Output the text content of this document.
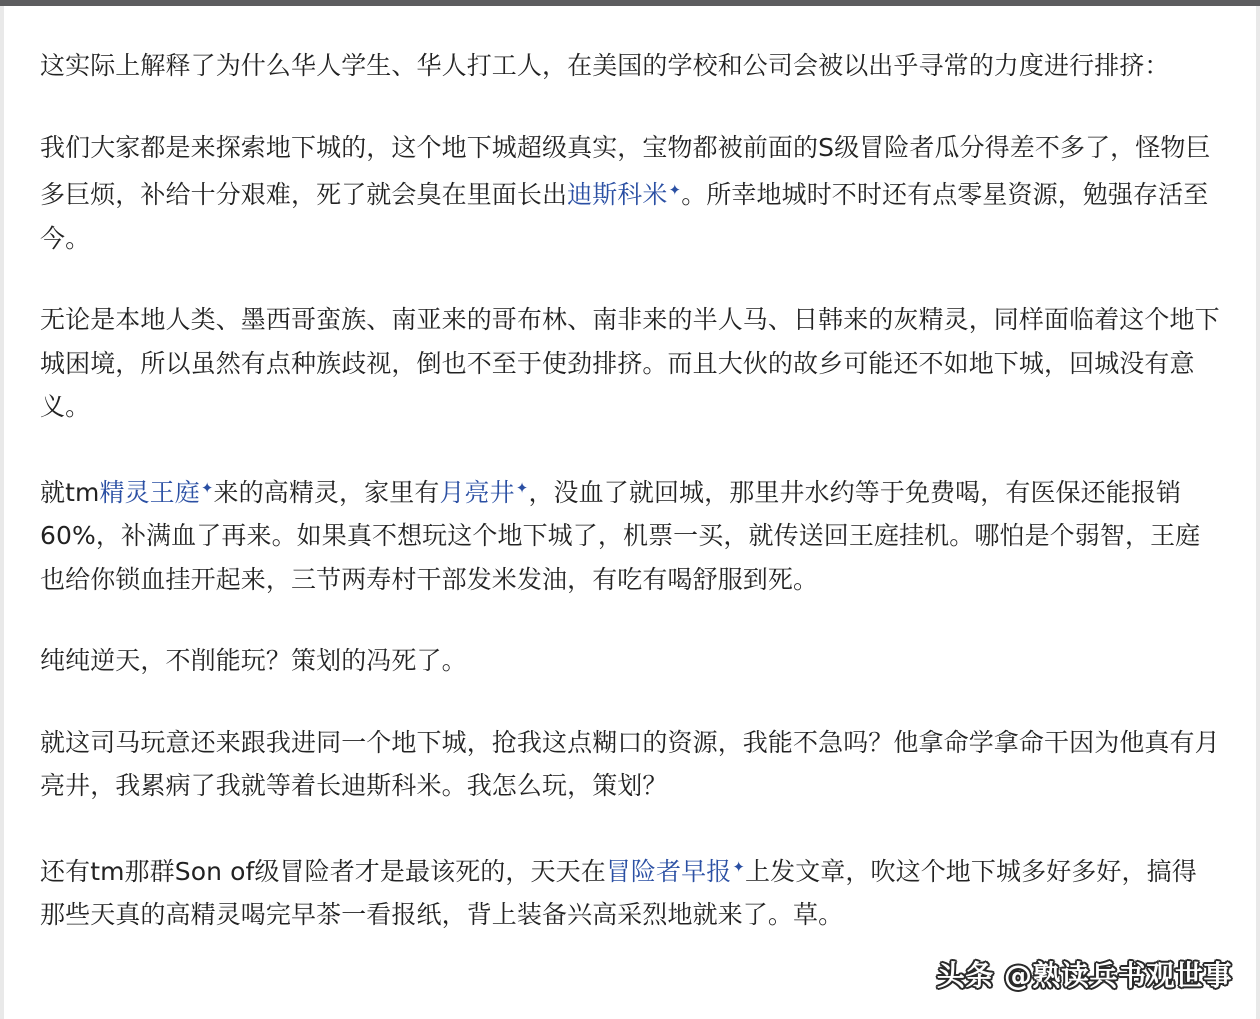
这实际上解释了为什么华人学生、华人打工人，在美国的学校和公司会被以出乎寻常的力度进行排挤：

我们大家都是来探索地下城的，这个地下城超级真实，宝物都被前面的S级冒险者瓜分得差不多了，怪物巨多巨烦，补给十分艰难，死了就会臭在里面长出迪斯科米✦。所幸地城时不时还有点零星资源，勉强存活至今。

无论是本地人类、墨西哥蛮族、南亚来的哥布林、南非来的半人马、日韩来的灰精灵，同样面临着这个地下城困境，所以虽然有点种族歧视，倒也不至于使劲排挤。而且大伙的故乡可能还不如地下城，回城没有意义。

就tm精灵王庭✦来的高精灵，家里有月亮井✦，没血了就回城，那里井水约等于免费喝，有医保还能报销60%，补满血了再来。如果真不想玩这个地下城了，机票一买，就传送回王庭挂机。哪怕是个弱智，王庭也给你锁血挂开起来，三节两寿村干部发米发油，有吃有喝舒服到死。

纯纯逆天，不削能玩？策划的冯死了。

就这司马玩意还来跟我进同一个地下城，抢我这点糊口的资源，我能不急吗？他拿命学拿命干因为他真有月亮井，我累病了我就等着长迪斯科米。我怎么玩，策划？

还有tm那群Son of级冒险者才是最该死的，天天在冒险者早报✦上发文章，吹这个地下城多好多好，搞得那些天真的高精灵喝完早茶一看报纸，背上装备兴高采烈地就来了。草。

头条 @熟读兵书观世事
